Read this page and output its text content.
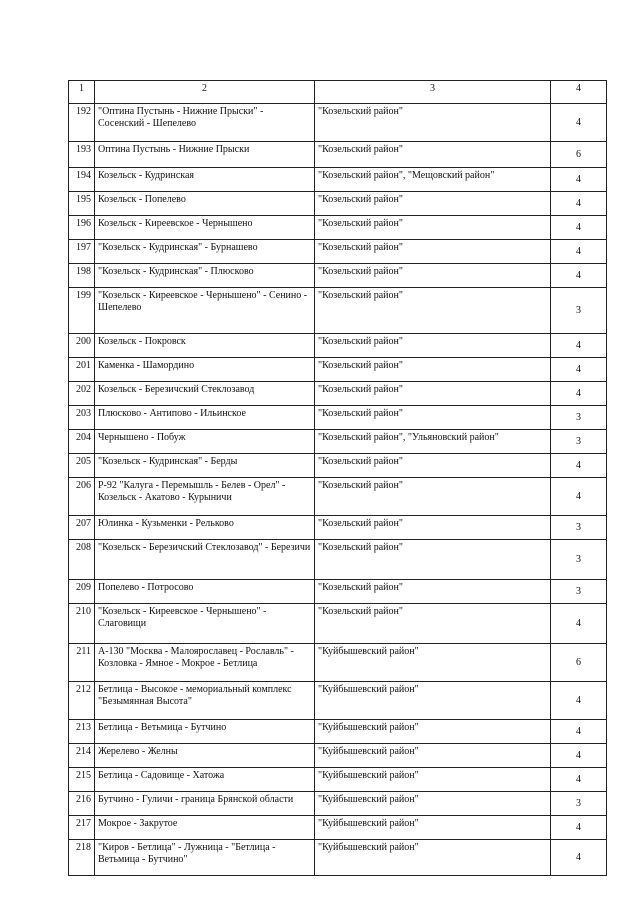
1	2	3	4
192	"Оптина Пустынь - Нижние Прыски" - Сосенский - Шепелево	"Козельский район"	4
193	Оптина Пустынь - Нижние Прыски	"Козельский район"	6
194	Козельск - Кудринская	"Козельский район", "Мещовский район"	4
195	Козельск - Попелево	"Козельский район"	4
196	Козельск - Киреевское - Чернышено	"Козельский район"	4
197	"Козельск - Кудринская" - Бурнашево	"Козельский район"	4
198	"Козельск - Кудринская" - Плюсково	"Козельский район"	4
199	"Козельск - Киреевское - Чернышено" - Сенино - Шепелево	"Козельский район"	3
200	Козельск - Покровск	"Козельский район"	4
201	Каменка - Шамордино	"Козельский район"	4
202	Козельск - Березичский Стеклозавод	"Козельский район"	4
203	Плюсково - Антипово - Ильинское	"Козельский район"	3
204	Чернышено - Побуж	"Козельский район", "Ульяновский район"	3
205	"Козельск - Кудринская" - Берды	"Козельский район"	4
206	Р-92 "Калуга - Перемышль - Белев - Орел" - Козельск - Акатово - Курыничи	"Козельский район"	4
207	Юлинка - Кузьменки - Рельково	"Козельский район"	3
208	"Козельск - Березичский Стеклозавод" - Березичи	"Козельский район"	3
209	Попелево - Потросово	"Козельский район"	3
210	"Козельск - Киреевское - Чернышено" - Слаговищи	"Козельский район"	4
211	А-130 "Москва - Малоярославец - Рославль" - Козловка - Ямное - Мокрое - Бетлица	"Куйбышевский район"	6
212	Бетлица - Высокое - мемориальный комплекс "Безымянная Высота"	"Куйбышевский район"	4
213	Бетлица - Ветьмица - Бутчино	"Куйбышевский район"	4
214	Жерелево - Желны	"Куйбышевский район"	4
215	Бетлица - Садовище - Хатожа	"Куйбышевский район"	4
216	Бутчино - Гуличи - граница Брянской области	"Куйбышевский район"	3
217	Мокрое - Закрутое	"Куйбышевский район"	4
218	"Киров - Бетлица" - Лужница - "Бетлица - Ветьмица - Бутчино"	"Куйбышевский район"	4
